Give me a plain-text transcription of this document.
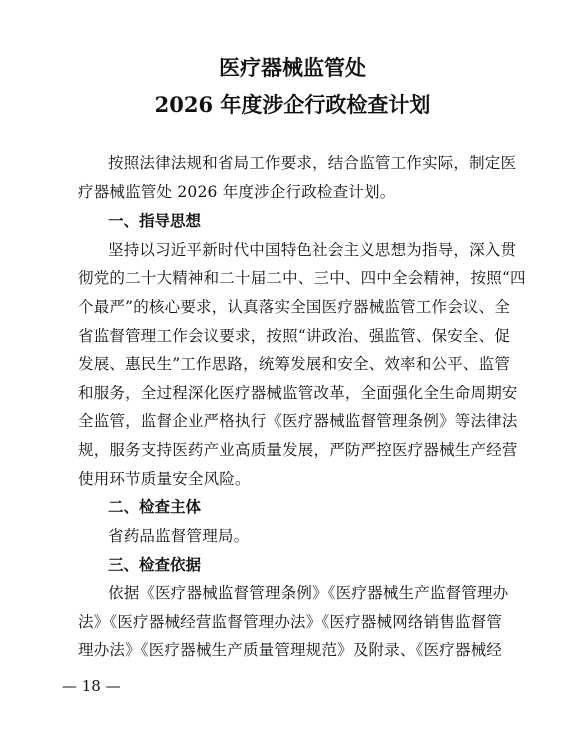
医疗器械监管处
2026 年度涉企行政检查计划
按照法律法规和省局工作要求，结合监管工作实际，制定医
疗器械监管处 2026 年度涉企行政检查计划。
一、指导思想
坚持以习近平新时代中国特色社会主义思想为指导，深入贯
彻党的二十大精神和二十届二中、三中、四中全会精神，按照“四
个最严”的核心要求，认真落实全国医疗器械监管工作会议、全
省监督管理工作会议要求，按照“讲政治、强监管、保安全、促
发展、惠民生”工作思路，统筹发展和安全、效率和公平、监管
和服务，全过程深化医疗器械监管改革，全面强化全生命周期安
全监管，监督企业严格执行《医疗器械监督管理条例》等法律法
规，服务支持医药产业高质量发展，严防严控医疗器械生产经营
使用环节质量安全风险。
二、检查主体
省药品监督管理局。
三、检查依据
依据《医疗器械监督管理条例》《医疗器械生产监督管理办
法》《医疗器械经营监督管理办法》《医疗器械网络销售监督管
理办法》《医疗器械生产质量管理规范》及附录、《医疗器械经
— 18 —
